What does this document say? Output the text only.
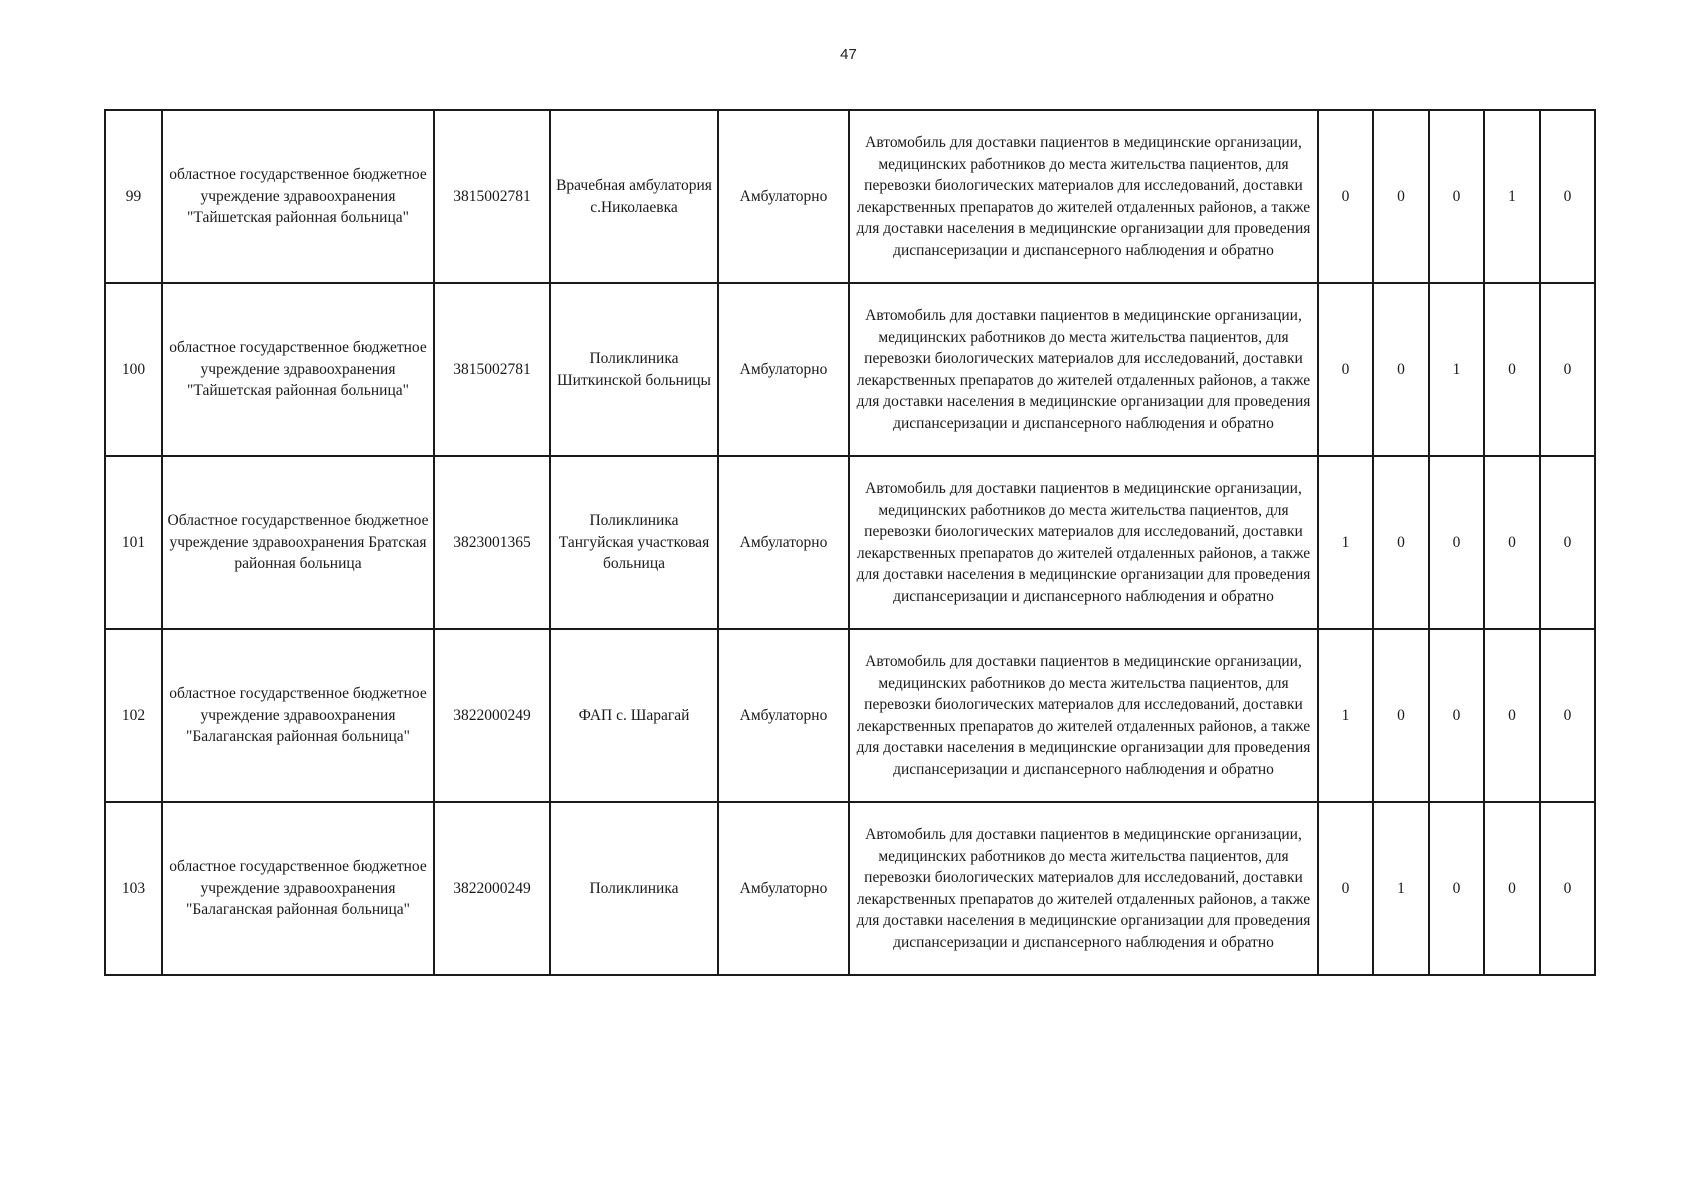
47
99	областное государственное бюджетное учреждение здравоохранения "Тайшетская районная больница"	3815002781	Врачебная амбулатория с.Николаевка	Амбулаторно	Автомобиль для доставки пациентов в медицинские организации, медицинских работников до места жительства пациентов, для перевозки биологических материалов для исследований, доставки лекарственных препаратов до жителей отдаленных районов, а также для доставки населения в медицинские организации для проведения диспансеризации и диспансерного наблюдения и обратно	0	0	0	1	0
100	областное государственное бюджетное учреждение здравоохранения "Тайшетская районная больница"	3815002781	Поликлиника Шиткинской больницы	Амбулаторно	Автомобиль для доставки пациентов в медицинские организации, медицинских работников до места жительства пациентов, для перевозки биологических материалов для исследований, доставки лекарственных препаратов до жителей отдаленных районов, а также для доставки населения в медицинские организации для проведения диспансеризации и диспансерного наблюдения и обратно	0	0	1	0	0
101	Областное государственное бюджетное учреждение здравоохранения Братская районная больница	3823001365	Поликлиника Тангуйская участковая больница	Амбулаторно	Автомобиль для доставки пациентов в медицинские организации, медицинских работников до места жительства пациентов, для перевозки биологических материалов для исследований, доставки лекарственных препаратов до жителей отдаленных районов, а также для доставки населения в медицинские организации для проведения диспансеризации и диспансерного наблюдения и обратно	1	0	0	0	0
102	областное государственное бюджетное учреждение здравоохранения "Балаганская районная больница"	3822000249	ФАП с. Шарагай	Амбулаторно	Автомобиль для доставки пациентов в медицинские организации, медицинских работников до места жительства пациентов, для перевозки биологических материалов для исследований, доставки лекарственных препаратов до жителей отдаленных районов, а также для доставки населения в медицинские организации для проведения диспансеризации и диспансерного наблюдения и обратно	1	0	0	0	0
103	областное государственное бюджетное учреждение здравоохранения "Балаганская районная больница"	3822000249	Поликлиника	Амбулаторно	Автомобиль для доставки пациентов в медицинские организации, медицинских работников до места жительства пациентов, для перевозки биологических материалов для исследований, доставки лекарственных препаратов до жителей отдаленных районов, а также для доставки населения в медицинские организации для проведения диспансеризации и диспансерного наблюдения и обратно	0	1	0	0	0
